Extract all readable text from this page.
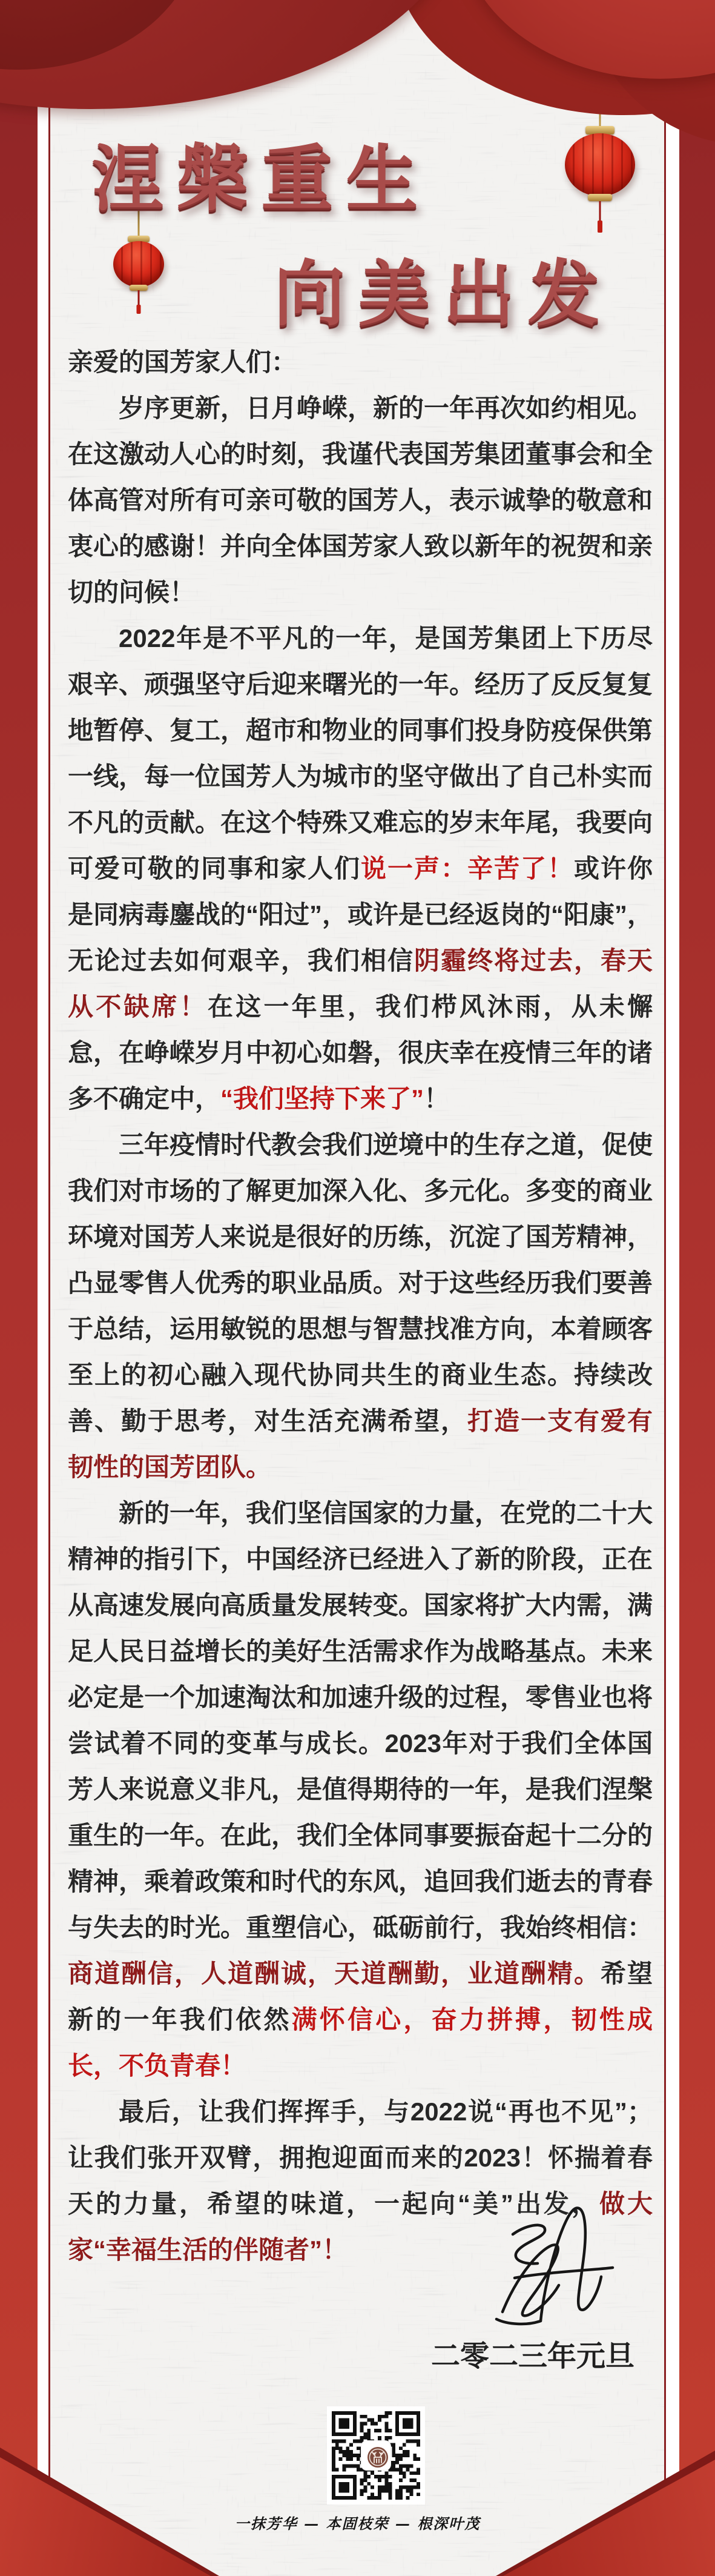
涅槃重生
向美出发

亲爱的国芳家人们：

岁序更新，日月峥嵘，新的一年再次如约相见。在这激动人心的时刻，我谨代表国芳集团董事会和全体高管对所有可亲可敬的国芳人，表示诚挚的敬意和衷心的感谢！并向全体国芳家人致以新年的祝贺和亲切的问候！

2022年是不平凡的一年，是国芳集团上下历尽艰辛、顽强坚守后迎来曙光的一年。经历了反反复复地暂停、复工，超市和物业的同事们投身防疫保供第一线，每一位国芳人为城市的坚守做出了自己朴实而不凡的贡献。在这个特殊又难忘的岁末年尾，我要向可爱可敬的同事和家人们说一声：辛苦了！或许你是同病毒鏖战的“阳过”，或许是已经返岗的“阳康”，无论过去如何艰辛，我们相信阴霾终将过去，春天从不缺席！在这一年里，我们栉风沐雨，从未懈怠，在峥嵘岁月中初心如磐，很庆幸在疫情三年的诸多不确定中，“我们坚持下来了”！

三年疫情时代教会我们逆境中的生存之道，促使我们对市场的了解更加深入化、多元化。多变的商业环境对国芳人来说是很好的历练，沉淀了国芳精神，凸显零售人优秀的职业品质。对于这些经历我们要善于总结，运用敏锐的思想与智慧找准方向，本着顾客至上的初心融入现代协同共生的商业生态。持续改善、勤于思考，对生活充满希望，打造一支有爱有韧性的国芳团队。

新的一年，我们坚信国家的力量，在党的二十大精神的指引下，中国经济已经进入了新的阶段，正在从高速发展向高质量发展转变。国家将扩大内需，满足人民日益增长的美好生活需求作为战略基点。未来必定是一个加速淘汰和加速升级的过程，零售业也将尝试着不同的变革与成长。2023年对于我们全体国芳人来说意义非凡，是值得期待的一年，是我们涅槃重生的一年。在此，我们全体同事要振奋起十二分的精神，乘着政策和时代的东风，追回我们逝去的青春与失去的时光。重塑信心，砥砺前行，我始终相信：商道酬信，人道酬诚，天道酬勤，业道酬精。希望新的一年我们依然满怀信心，奋力拼搏，韧性成长，不负青春！

最后，让我们挥挥手，与2022说“再也不见”；让我们张开双臂，拥抱迎面而来的2023！怀揣着春天的力量，希望的味道，一起向“美”出发，做大家“幸福生活的伴随者”！

二零二三年元旦
一抹芳华 — 本固枝荣 — 根深叶茂
